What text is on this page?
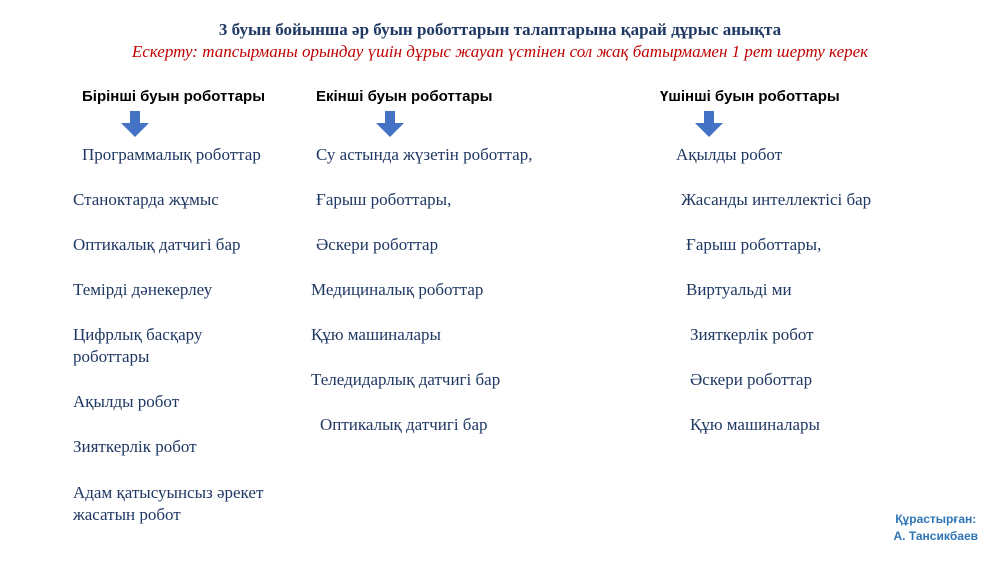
3 буын бойынша әр буын роботтарын талаптарына қарай дұрыс анықта
Ескерту: тапсырманы орындау үшін дұрыс жауап үстінен сол жақ батырмамен 1 рет шерту керек
Бірінші буын роботтары
Программалық роботтар
Станоктарда жұмыс
Оптикалық датчигі бар
Темірді дәнекерлеу
Цифрлық басқару роботтары
Ақылды робот
Зияткерлік робот
Адам қатысуынсыз әрекет жасатын робот
Екінші буын роботтары
Су астында жүзетін роботтар,
Ғарыш роботтары,
Әскери роботтар
Медициналық роботтар
Құю машиналары
Теледидарлық датчигі бар
Оптикалық датчигі бар
Үшінші буын роботтары
Ақылды робот
Жасанды интеллектісі бар
Ғарыш роботтары,
Виртуальді ми
Зияткерлік робот
Әскери роботтар
Құю машиналары
Құрастырған:
А. Тансикбаев
